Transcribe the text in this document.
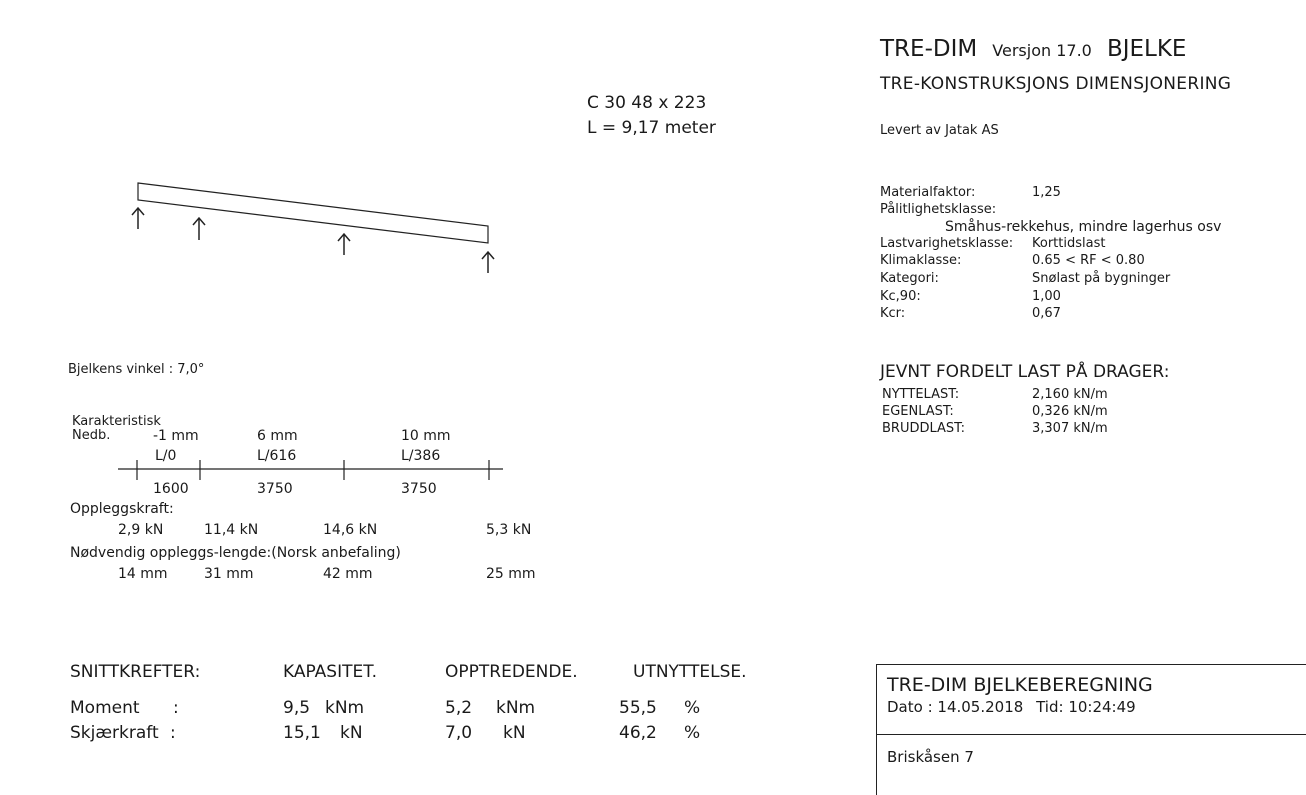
TRE-DIM Versjon 17.0 BJELKE
TRE-KONSTRUKSJONS DIMENSJONERING
Levert av Jatak AS
C 30 48 x 223
L = 9,17 meter
Bjelkens vinkel : 7,0°
Karakteristisk
Nedb.	-1 mm	6 mm	10 mm
L/0	L/616	L/386
1600	3750	3750
Oppleggskraft:
2,9 kN	11,4 kN	14,6 kN	5,3 kN
Nødvendig oppleggs-lengde:(Norsk anbefaling)
14 mm	31 mm	42 mm	25 mm
Materialfaktor:	1,25
Pålitlighetsklasse:
Småhus-rekkehus, mindre lagerhus osv
Lastvarighetsklasse: Korttidslast
Klimaklasse:	0.65 < RF < 0.80
Kategori:	Snølast på bygninger
Kc,90:	1,00
Kcr:	0,67
JEVNT FORDELT LAST PÅ DRAGER:
NYTTELAST:	2,160 kN/m
EGENLAST:	0,326 kN/m
BRUDDLAST:	3,307 kN/m
SNITTKREFTER:	KAPASITET.	OPPTREDENDE.	UTNYTTELSE.
Moment :	9,5 kNm	5,2 kNm	55,5 %
Skjærkraft :	15,1 kN	7,0 kN	46,2 %
TRE-DIM BJELKEBEREGNING
Dato : 14.05.2018 Tid: 10:24:49
Briskåsen 7
